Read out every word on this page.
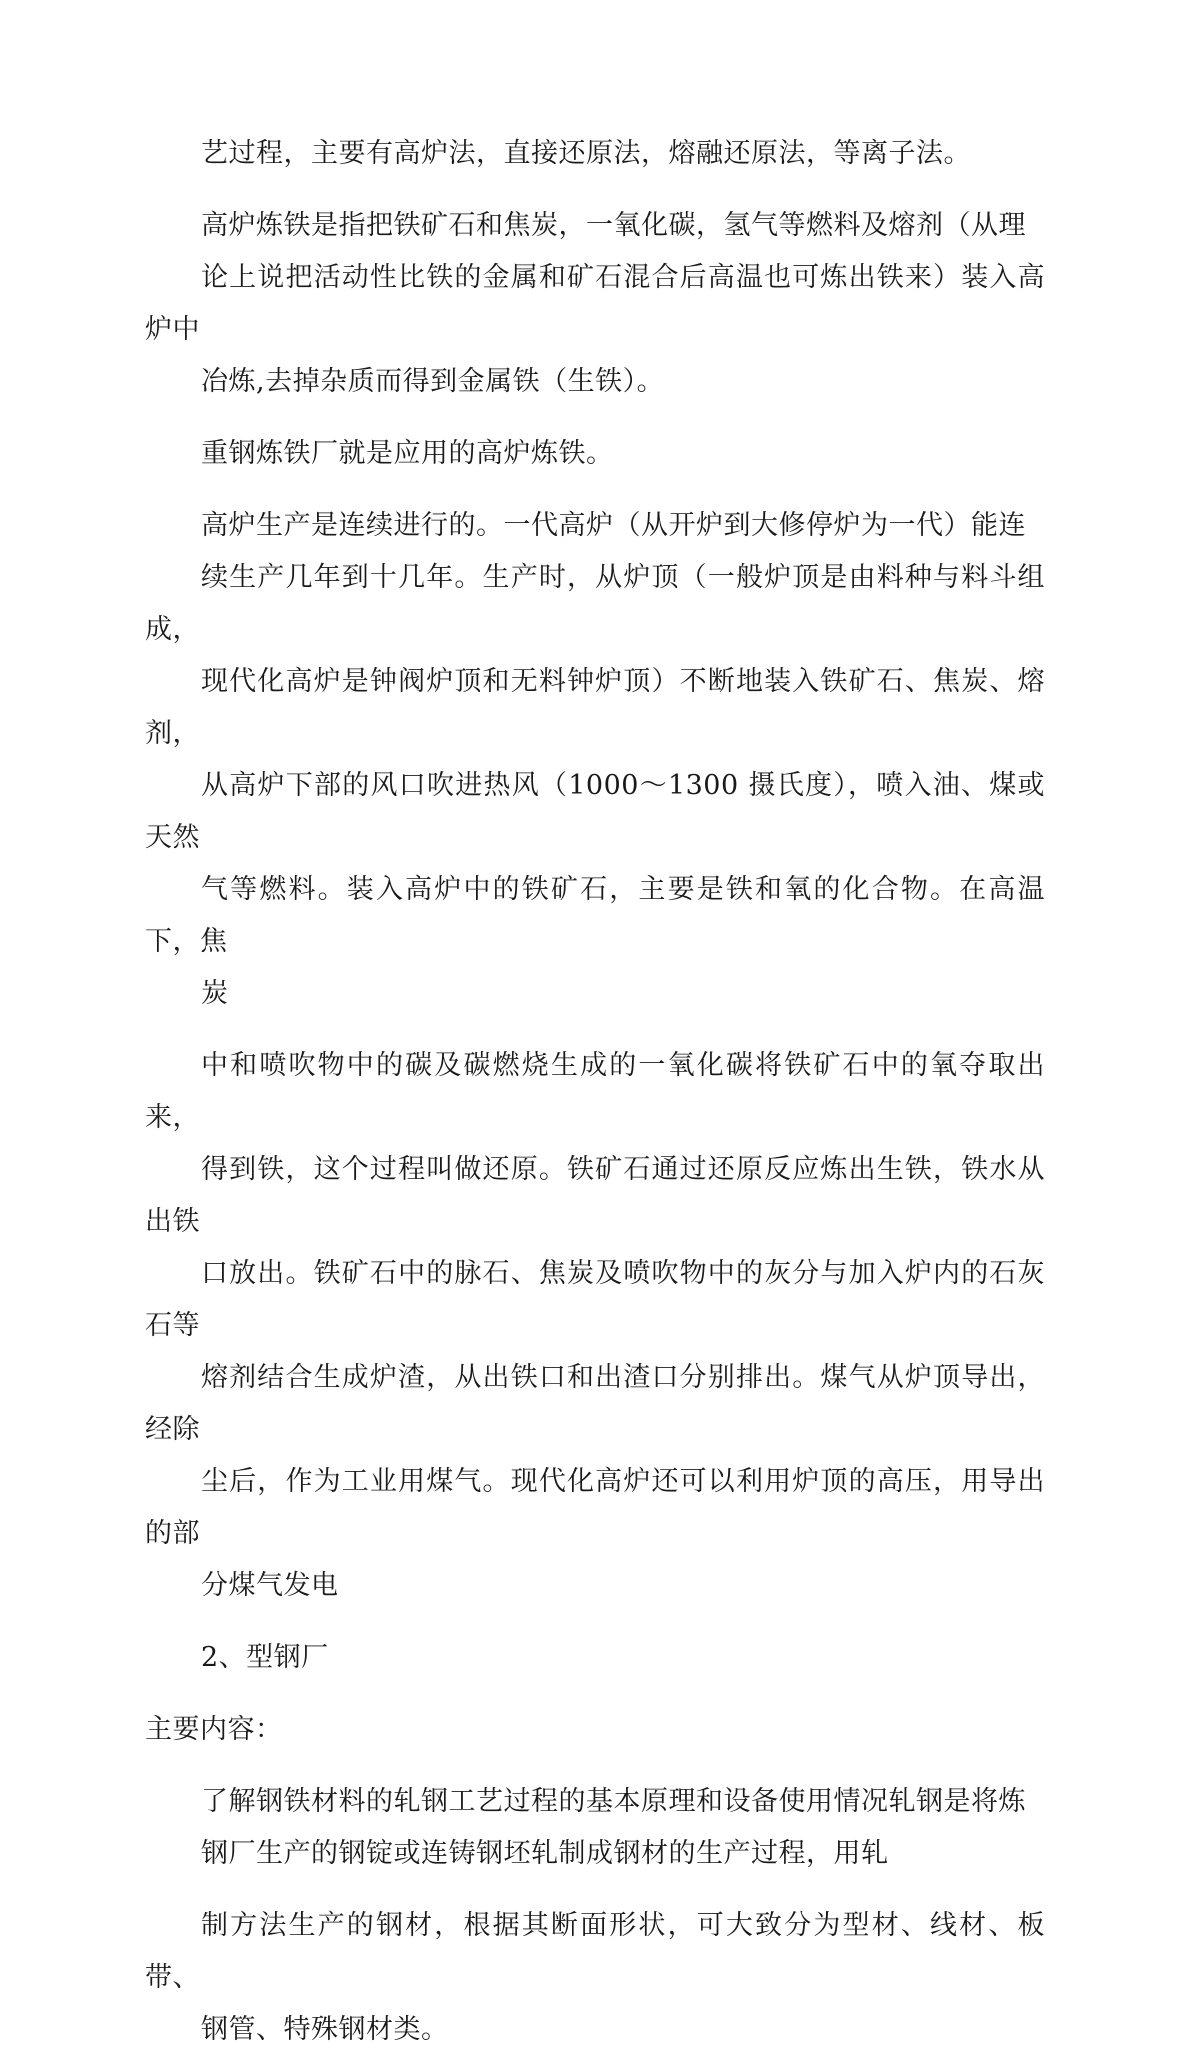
艺过程，主要有高炉法，直接还原法，熔融还原法，等离子法。

高炉炼铁是指把铁矿石和焦炭，一氧化碳，氢气等燃料及熔剂（从理
论上说把活动性比铁的金属和矿石混合后高温也可炼出铁来）装入高炉中
冶炼,去掉杂质而得到金属铁（生铁）。

重钢炼铁厂就是应用的高炉炼铁。

高炉生产是连续进行的。一代高炉（从开炉到大修停炉为一代）能连
续生产几年到十几年。生产时，从炉顶（一般炉顶是由料种与料斗组成，
现代化高炉是钟阀炉顶和无料钟炉顶）不断地装入铁矿石、焦炭、熔剂，
从高炉下部的风口吹进热风（1000～1300 摄氏度），喷入油、煤或天然
气等燃料。装入高炉中的铁矿石，主要是铁和氧的化合物。在高温下，焦
炭

中和喷吹物中的碳及碳燃烧生成的一氧化碳将铁矿石中的氧夺取出来，
得到铁，这个过程叫做还原。铁矿石通过还原反应炼出生铁，铁水从出铁
口放出。铁矿石中的脉石、焦炭及喷吹物中的灰分与加入炉内的石灰石等
熔剂结合生成炉渣，从出铁口和出渣口分别排出。煤气从炉顶导出，经除
尘后，作为工业用煤气。现代化高炉还可以利用炉顶的高压，用导出的部
分煤气发电

2、型钢厂

主要内容：

了解钢铁材料的轧钢工艺过程的基本原理和设备使用情况轧钢是将炼
钢厂生产的钢锭或连铸钢坯轧制成钢材的生产过程，用轧

制方法生产的钢材，根据其断面形状，可大致分为型材、线材、板带、
钢管、特殊钢材类。
